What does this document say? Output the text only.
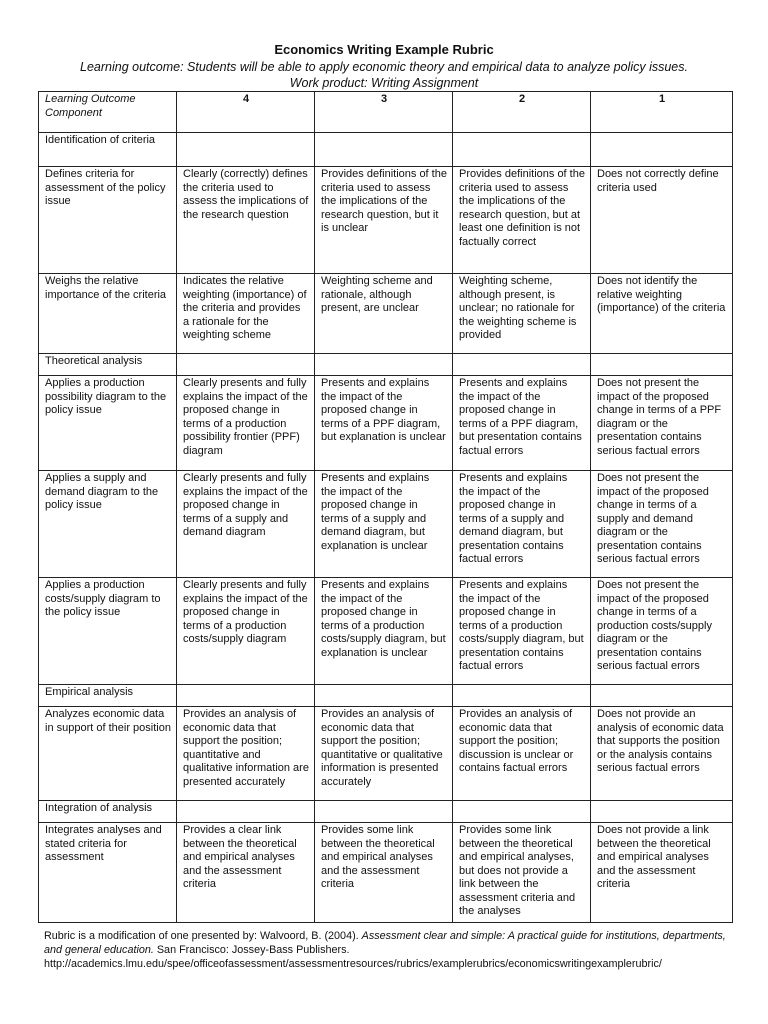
Economics Writing Example Rubric
Learning outcome: Students will be able to apply economic theory and empirical data to analyze policy issues.
Work product: Writing Assignment
Learning Outcome Component	4	3	2	1
Identification of criteria				
Defines criteria for assessment of the policy issue	Clearly (correctly) defines the criteria used to assess the implications of the research question	Provides definitions of the criteria used to assess the implications of the research question, but it is unclear	Provides definitions of the criteria used to assess the implications of the research question, but at least one definition is not factually correct	Does not correctly define criteria used
Weighs the relative importance of the criteria	Indicates the relative weighting (importance) of the criteria and provides a rationale for the weighting scheme	Weighting scheme and rationale, although present, are unclear	Weighting scheme, although present, is unclear; no rationale for the weighting scheme is provided	Does not identify the relative weighting (importance) of the criteria
Theoretical analysis				
Applies a production possibility diagram to the policy issue	Clearly presents and fully explains the impact of the proposed change in terms of a production possibility frontier (PPF) diagram	Presents and explains the impact of the proposed change in terms of a PPF diagram, but explanation is unclear	Presents and explains the impact of the proposed change in terms of a PPF diagram, but presentation contains factual errors	Does not present the impact of the proposed change in terms of a PPF diagram or the presentation contains serious factual errors
Applies a supply and demand diagram to the policy issue	Clearly presents and fully explains the impact of the proposed change in terms of a supply and demand diagram	Presents and explains the impact of the proposed change in terms of a supply and demand diagram, but explanation is unclear	Presents and explains the impact of the proposed change in terms of a supply and demand diagram, but presentation contains factual errors	Does not present the impact of the proposed change in terms of a supply and demand diagram or the presentation contains serious factual errors
Applies a production costs/supply diagram to the policy issue	Clearly presents and fully explains the impact of the proposed change in terms of a production costs/supply diagram	Presents and explains the impact of the proposed change in terms of a production costs/supply diagram, but explanation is unclear	Presents and explains the impact of the proposed change in terms of a production costs/supply diagram, but presentation contains factual errors	Does not present the impact of the proposed change in terms of a production costs/supply diagram or the presentation contains serious factual errors
Empirical analysis				
Analyzes economic data in support of their position	Provides an analysis of economic data that support the position; quantitative and qualitative information are presented accurately	Provides an analysis of economic data that support the position; quantitative or qualitative information is presented accurately	Provides an analysis of economic data that support the position; discussion is unclear or contains factual errors	Does not provide an analysis of economic data that supports the position or the analysis contains serious factual errors
Integration of analysis				
Integrates analyses and stated criteria for assessment	Provides a clear link between the theoretical and empirical analyses and the assessment criteria	Provides some link between the theoretical and empirical analyses and the assessment criteria	Provides some link between the theoretical and empirical analyses, but does not provide a link between the assessment criteria and the analyses	Does not provide a link between the theoretical and empirical analyses and the assessment criteria
Rubric is a modification of one presented by: Walvoord, B. (2004). Assessment clear and simple: A practical guide for institutions, departments, and general education. San Francisco: Jossey-Bass Publishers.
http://academics.lmu.edu/spee/officeofassessment/assessmentresources/rubrics/examplerubrics/economicswritingexamplerubric/
